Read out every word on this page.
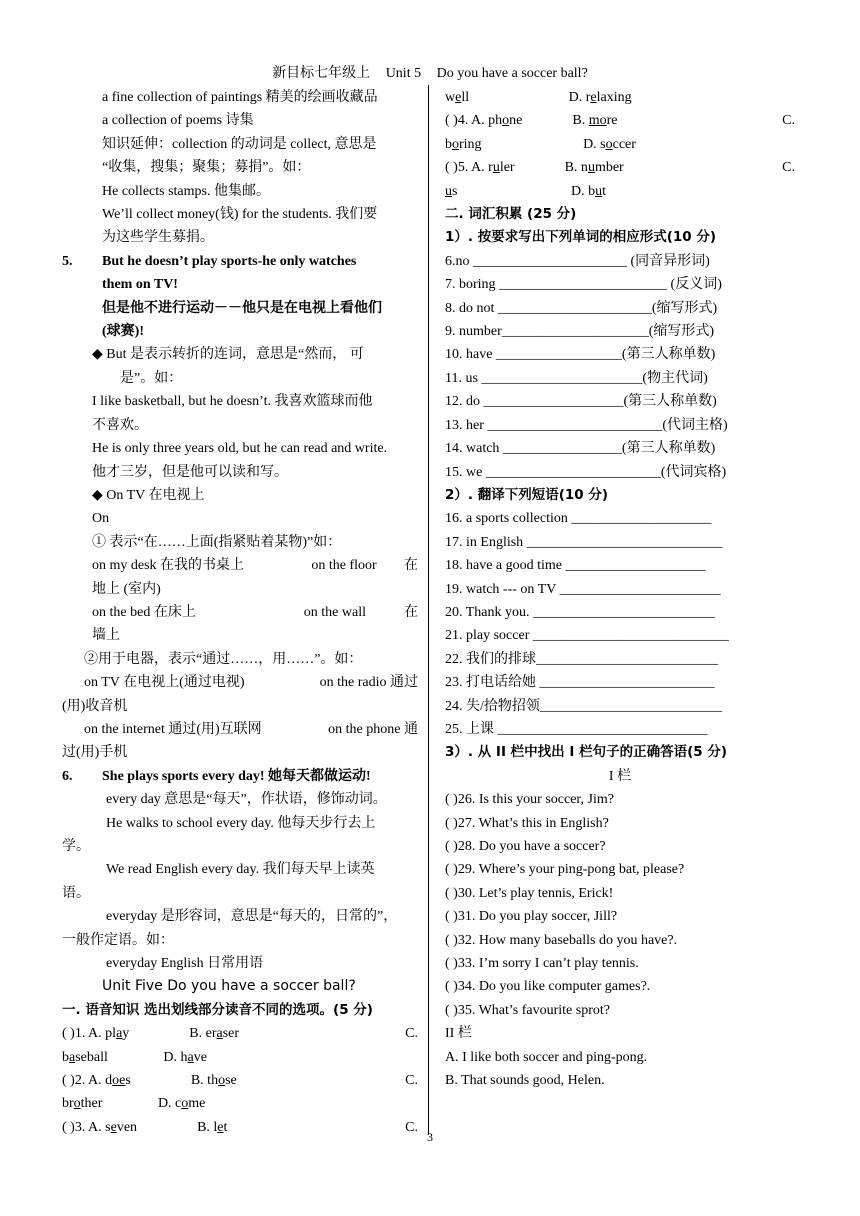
新目标七年级上 Unit 5 Do you have a soccer ball?
a fine collection of paintings 精美的绘画收藏品
a collection of poems 诗集
知识延伸：collection 的动词是 collect, 意思是
“收集，搜集；聚集；募捐”。如：
He collects stamps. 他集邮。
We’ll collect money(钱) for the students. 我们要
为这些学生募捐。
5.	But he doesn’t play sports-he only watches
them on TV!
但是他不进行运动－－他只是在电视上看他们
(球赛)!
◆ But 是表示转折的连词，意思是“然而， 可
是”。如：
I like basketball, but he doesn’t. 我喜欢篮球而他
不喜欢。
He is only three years old, but he can read and write.
他才三岁，但是他可以读和写。
◆ On TV 在电视上
On
① 表示“在……上面(指紧贴着某物)”如：
on my desk 在我的书桌上	on the floor 在
地上 (室内)
on the bed 在床上	on the wall	在
墙上
②用于电器，表示“通过……，用……”。如：
on TV 在电视上(通过电视)	on the radio 通过
(用)收音机
on the internet 通过(用)互联网	on the phone 通
过(用)手机
6.	She plays sports every day! 她每天都做运动!
every day 意思是“每天”，作状语，修饰动词。
He walks to school every day. 他每天步行去上
学。
We read English every day. 我们每天早上读英
语。
everyday 是形容词，意思是“每天的，日常的”，
一般作定语。如：
everyday English 日常用语
Unit Five Do you have a soccer ball?
一. 语音知识 选出划线部分读音不同的选项。(5 分)
( )1. A. play	B. eraser	C.
baseball	D. have
( )2. A. does	B. those	C.
brother	D. come
( )3. A. seven	B. let	C.
well	D. relaxing
( )4. A. phone	B. more	C.
boring	D. soccer
( )5. A. ruler	B. number	C.
us	D. but
二. 词汇积累 (25 分)
1）. 按要求写出下列单词的相应形式(10 分)
6.no ______________________ (同音异形词)
7. boring ________________________ (反义词)
8. do not ______________________(缩写形式)
9. number_____________________(缩写形式)
10. have __________________(第三人称单数)
11. us _______________________(物主代词)
12. do ____________________(第三人称单数)
13. her _________________________(代词主格)
14. watch _________________(第三人称单数)
15. we _________________________(代词宾格)
2）. 翻译下列短语(10 分)
16. a sports collection ____________________
17. in English ____________________________
18. have a good time ____________________
19. watch --- on TV _______________________
20. Thank you. __________________________
21. play soccer ____________________________
22. 我们的排球__________________________
23. 打电话给她 _________________________
24. 失/拾物招领__________________________
25. 上课 ______________________________
3）. 从 II 栏中找出 I 栏句子的正确答语(5 分)
I 栏
( )26. Is this your soccer, Jim?
( )27. What’s this in English?
( )28. Do you have a soccer?
( )29. Where’s your ping-pong bat, please?
( )30. Let’s play tennis, Erick!
( )31. Do you play soccer, Jill?
( )32. How many baseballs do you have?.
( )33. I’m sorry I can’t play tennis.
( )34. Do you like computer games?.
( )35. What’s favourite sprot?
II 栏
A. I like both soccer and ping-pong.
B. That sounds good, Helen.
3
